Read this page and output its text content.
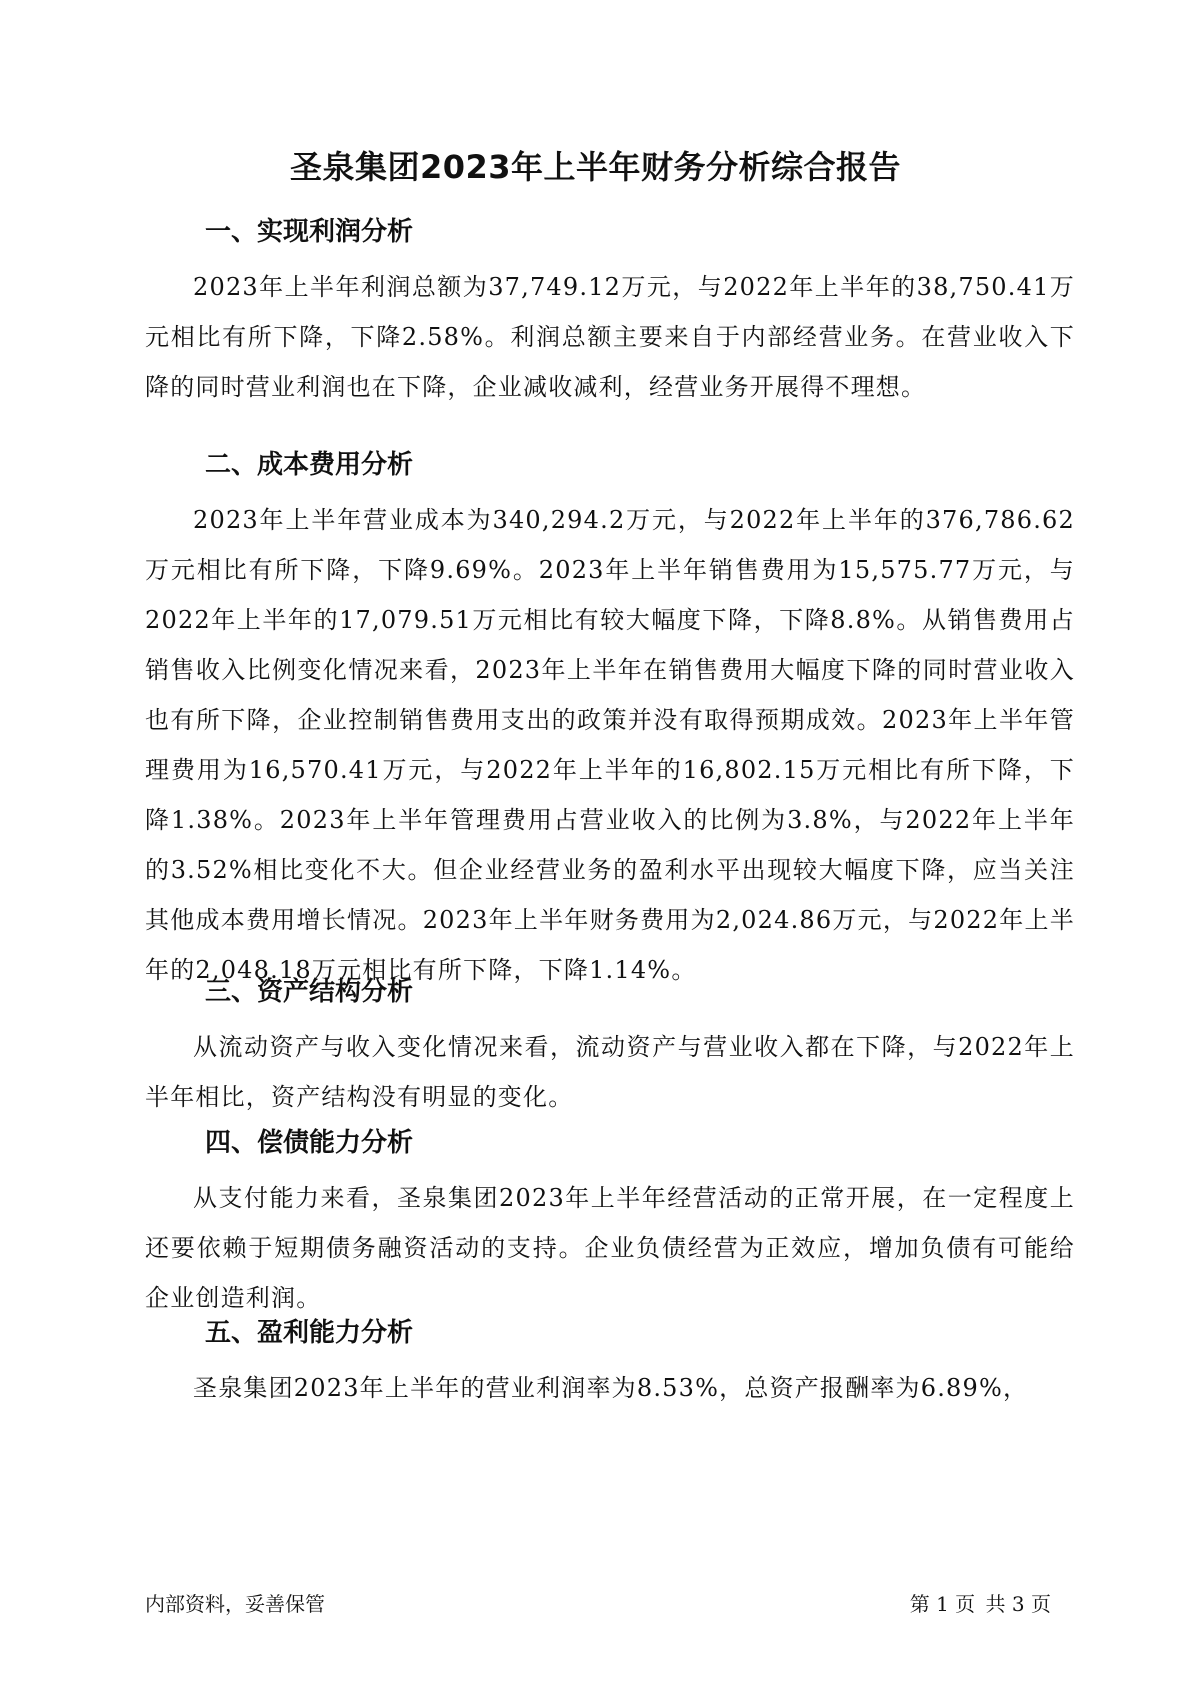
圣泉集团2023年上半年财务分析综合报告
一、实现利润分析
2023年上半年利润总额为37,749.12万元，与2022年上半年的38,750.41万元相比有所下降，下降2.58%。利润总额主要来自于内部经营业务。在营业收入下降的同时营业利润也在下降，企业减收减利，经营业务开展得不理想。
二、成本费用分析
2023年上半年营业成本为340,294.2万元，与2022年上半年的376,786.62万元相比有所下降，下降9.69%。2023年上半年销售费用为15,575.77万元，与2022年上半年的17,079.51万元相比有较大幅度下降，下降8.8%。从销售费用占销售收入比例变化情况来看，2023年上半年在销售费用大幅度下降的同时营业收入也有所下降，企业控制销售费用支出的政策并没有取得预期成效。2023年上半年管理费用为16,570.41万元，与2022年上半年的16,802.15万元相比有所下降，下降1.38%。2023年上半年管理费用占营业收入的比例为3.8%，与2022年上半年的3.52%相比变化不大。但企业经营业务的盈利水平出现较大幅度下降，应当关注其他成本费用增长情况。2023年上半年财务费用为2,024.86万元，与2022年上半年的2,048.18万元相比有所下降，下降1.14%。
三、资产结构分析
从流动资产与收入变化情况来看，流动资产与营业收入都在下降，与2022年上半年相比，资产结构没有明显的变化。
四、偿债能力分析
从支付能力来看，圣泉集团2023年上半年经营活动的正常开展，在一定程度上还要依赖于短期债务融资活动的支持。企业负债经营为正效应，增加负债有可能给企业创造利润。
五、盈利能力分析
圣泉集团2023年上半年的营业利润率为8.53%，总资产报酬率为6.89%，
内部资料，妥善保管	第 1 页 共 3 页
